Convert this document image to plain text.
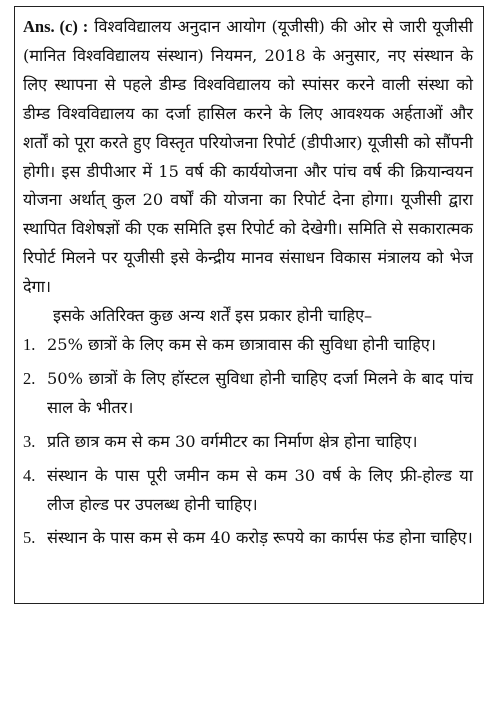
Ans. (c) : विश्वविद्यालय अनुदान आयोग (यूजीसी) की ओर से जारी यूजीसी (मानित विश्वविद्यालय संस्थान) नियमन, 2018 के अनुसार, नए संस्थान के लिए स्थापना से पहले डीम्ड विश्वविद्यालय को स्पांसर करने वाली संस्था को डीम्ड विश्वविद्यालय का दर्जा हासिल करने के लिए आवश्यक अर्हताओं और शर्तों को पूरा करते हुए विस्तृत परियोजना रिपोर्ट (डीपीआर) यूजीसी को सौंपनी होगी। इस डीपीआर में 15 वर्ष की कार्ययोजना और पांच वर्ष की क्रियान्वयन योजना अर्थात् कुल 20 वर्षों की योजना का रिपोर्ट देना होगा। यूजीसी द्वारा स्थापित विशेषज्ञों की एक समिति इस रिपोर्ट को देखेगी। समिति से सकारात्मक रिपोर्ट मिलने पर यूजीसी इसे केन्द्रीय मानव संसाधन विकास मंत्रालय को भेज देगा।

इसके अतिरिक्त कुछ अन्य शर्तें इस प्रकार होनी चाहिए–

1. 25% छात्रों के लिए कम से कम छात्रावास की सुविधा होनी चाहिए।
2. 50% छात्रों के लिए हॉस्टल सुविधा होनी चाहिए दर्जा मिलने के बाद पांच साल के भीतर।
3. प्रति छात्र कम से कम 30 वर्गमीटर का निर्माण क्षेत्र होना चाहिए।
4. संस्थान के पास पूरी जमीन कम से कम 30 वर्ष के लिए फ्री-होल्ड या लीज होल्ड पर उपलब्ध होनी चाहिए।
5. संस्थान के पास कम से कम 40 करोड़ रूपये का कार्पस फंड होना चाहिए।
